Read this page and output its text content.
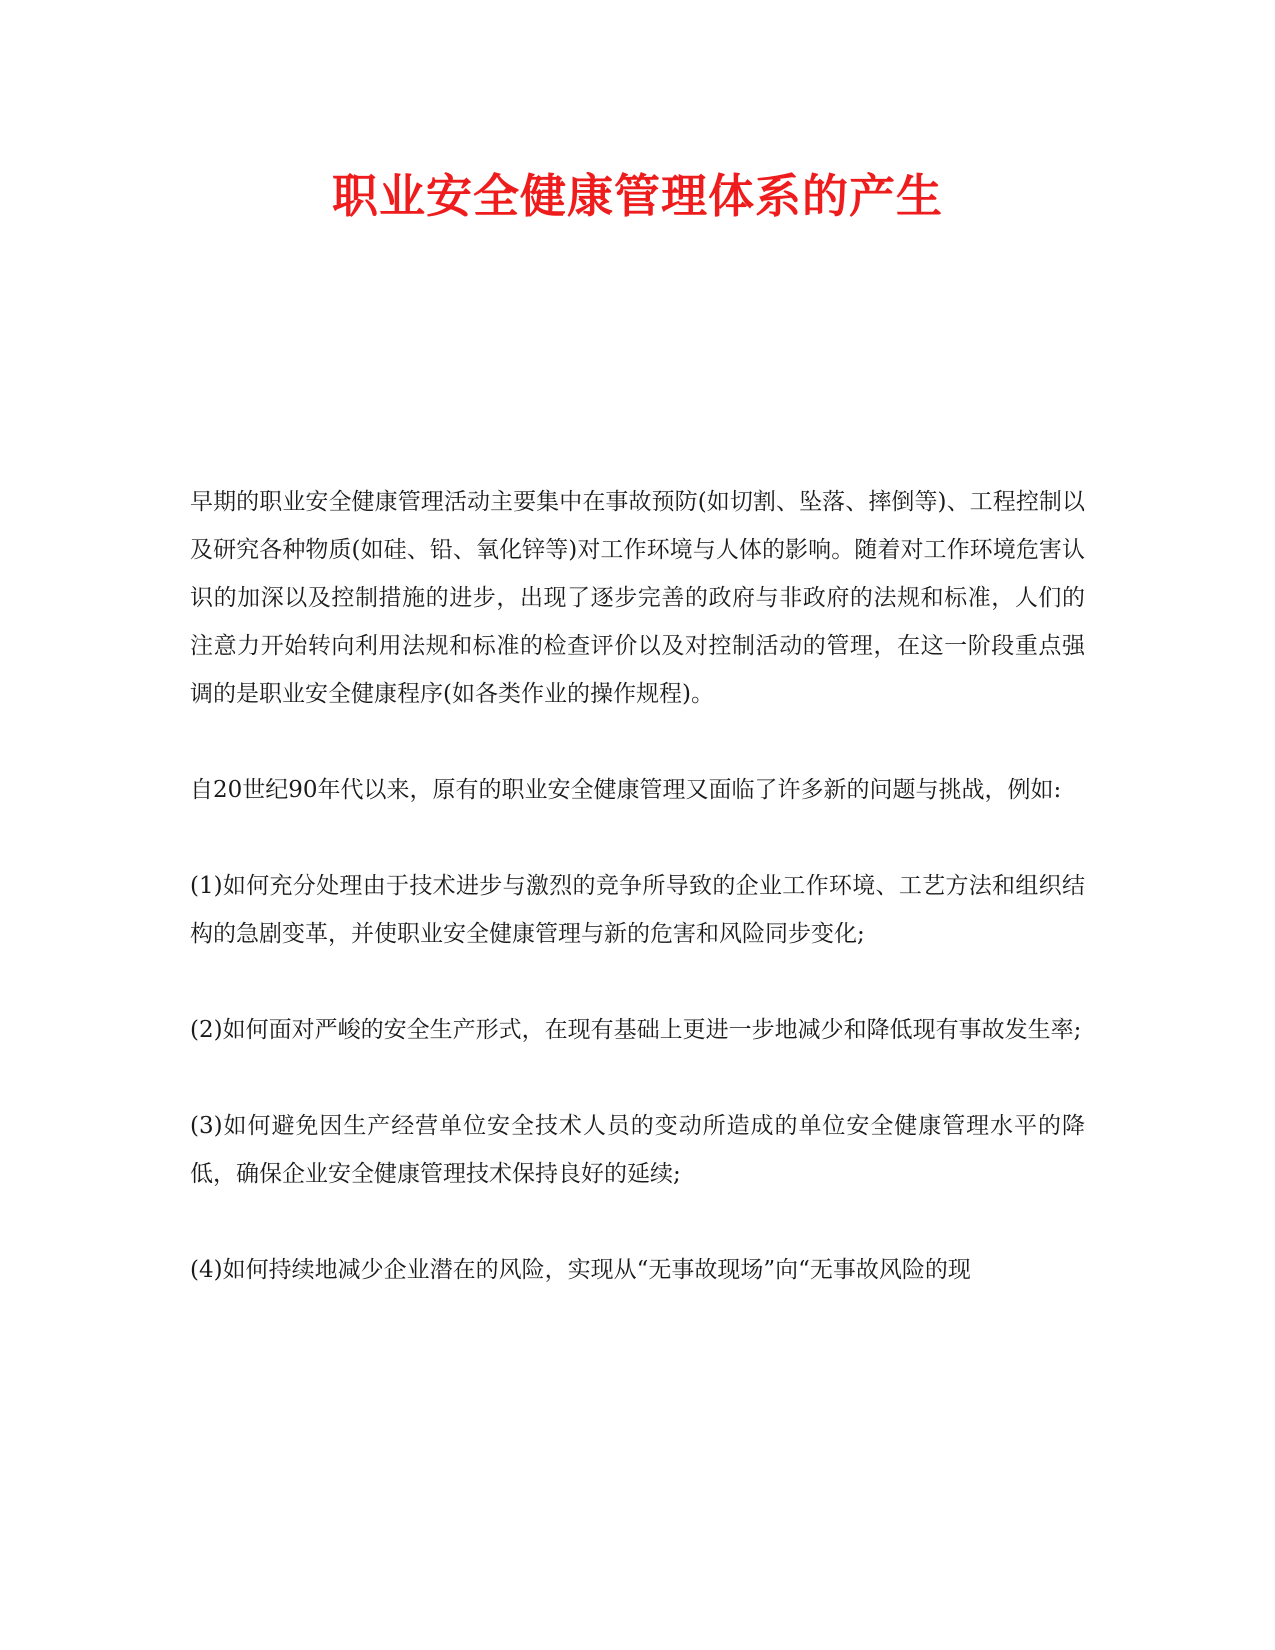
职业安全健康管理体系的产生

早期的职业安全健康管理活动主要集中在事故预防(如切割、坠落、摔倒等)、工程控制以及研究各种物质(如硅、铅、氧化锌等)对工作环境与人体的影响。随着对工作环境危害认识的加深以及控制措施的进步，出现了逐步完善的政府与非政府的法规和标准，人们的注意力开始转向利用法规和标准的检查评价以及对控制活动的管理，在这一阶段重点强调的是职业安全健康程序(如各类作业的操作规程)。

自20世纪90年代以来，原有的职业安全健康管理又面临了许多新的问题与挑战，例如:

(1)如何充分处理由于技术进步与激烈的竞争所导致的企业工作环境、工艺方法和组织结构的急剧变革，并使职业安全健康管理与新的危害和风险同步变化;

(2)如何面对严峻的安全生产形式，在现有基础上更进一步地减少和降低现有事故发生率;

(3)如何避免因生产经营单位安全技术人员的变动所造成的单位安全健康管理水平的降低，确保企业安全健康管理技术保持良好的延续;

(4)如何持续地减少企业潜在的风险，实现从“无事故现场”向“无事故风险的现
